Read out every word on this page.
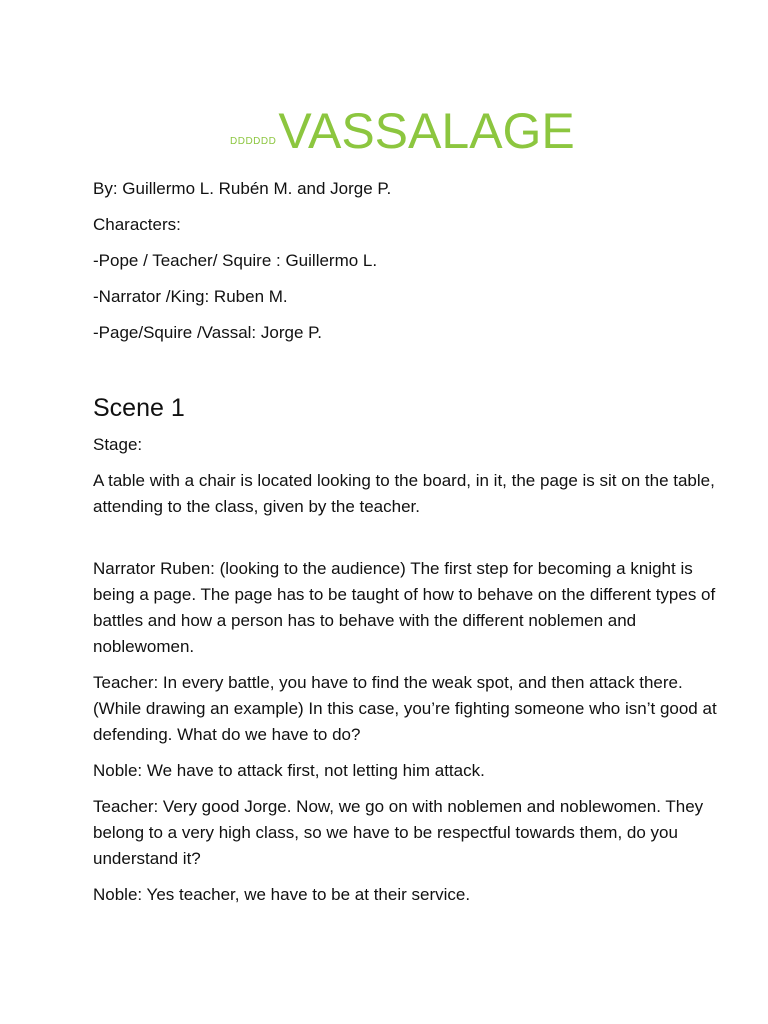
DDDDDD VASSALAGE

By: Guillermo L. Rubén M. and Jorge P.

Characters:

-Pope / Teacher/ Squire : Guillermo L.

-Narrator /King: Ruben M.

-Page/Squire /Vassal: Jorge P.

Scene 1

Stage:

A table with a chair is located looking to the board, in it, the page is sit on the table, attending to the class, given by the teacher.

Narrator Ruben: (looking to the audience) The first step for becoming a knight is being a page. The page has to be taught of how to behave on the different types of battles and how a person has to behave with the different noblemen and noblewomen.

Teacher: In every battle, you have to find the weak spot, and then attack there. (While drawing an example) In this case, you’re fighting someone who isn’t good at defending. What do we have to do?

Noble: We have to attack first, not letting him attack.

Teacher: Very good Jorge. Now, we go on with noblemen and noblewomen. They belong to a very high class, so we have to be respectful towards them, do you understand it?

Noble: Yes teacher, we have to be at their service.
